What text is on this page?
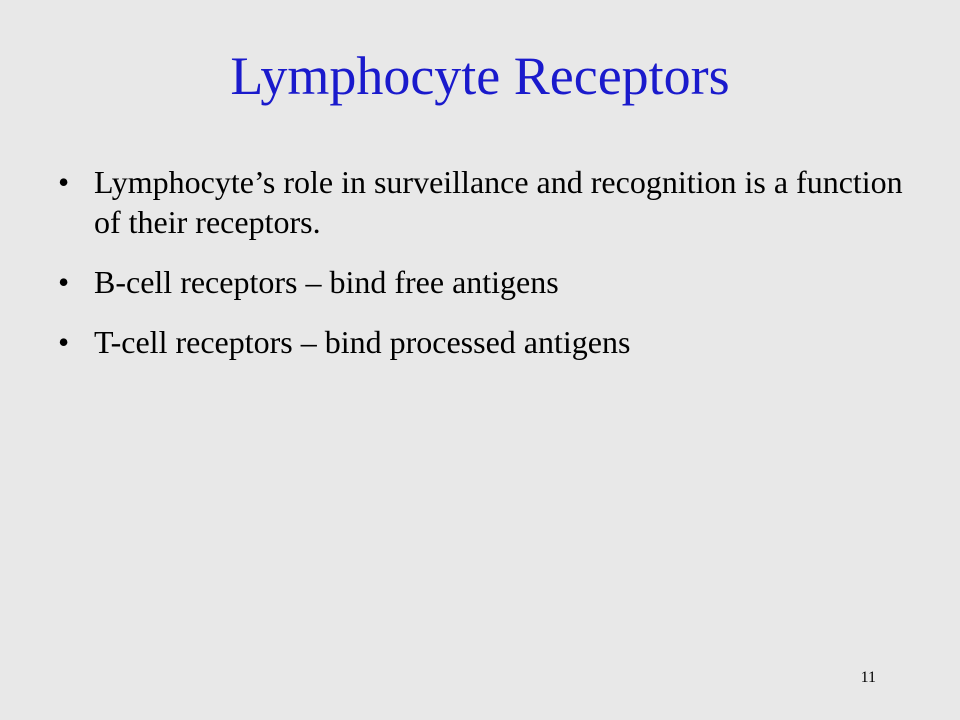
Lymphocyte Receptors
• Lymphocyte’s role in surveillance and recognition is a function of their receptors.
• B-cell receptors – bind free antigens
• T-cell receptors – bind processed antigens
11
